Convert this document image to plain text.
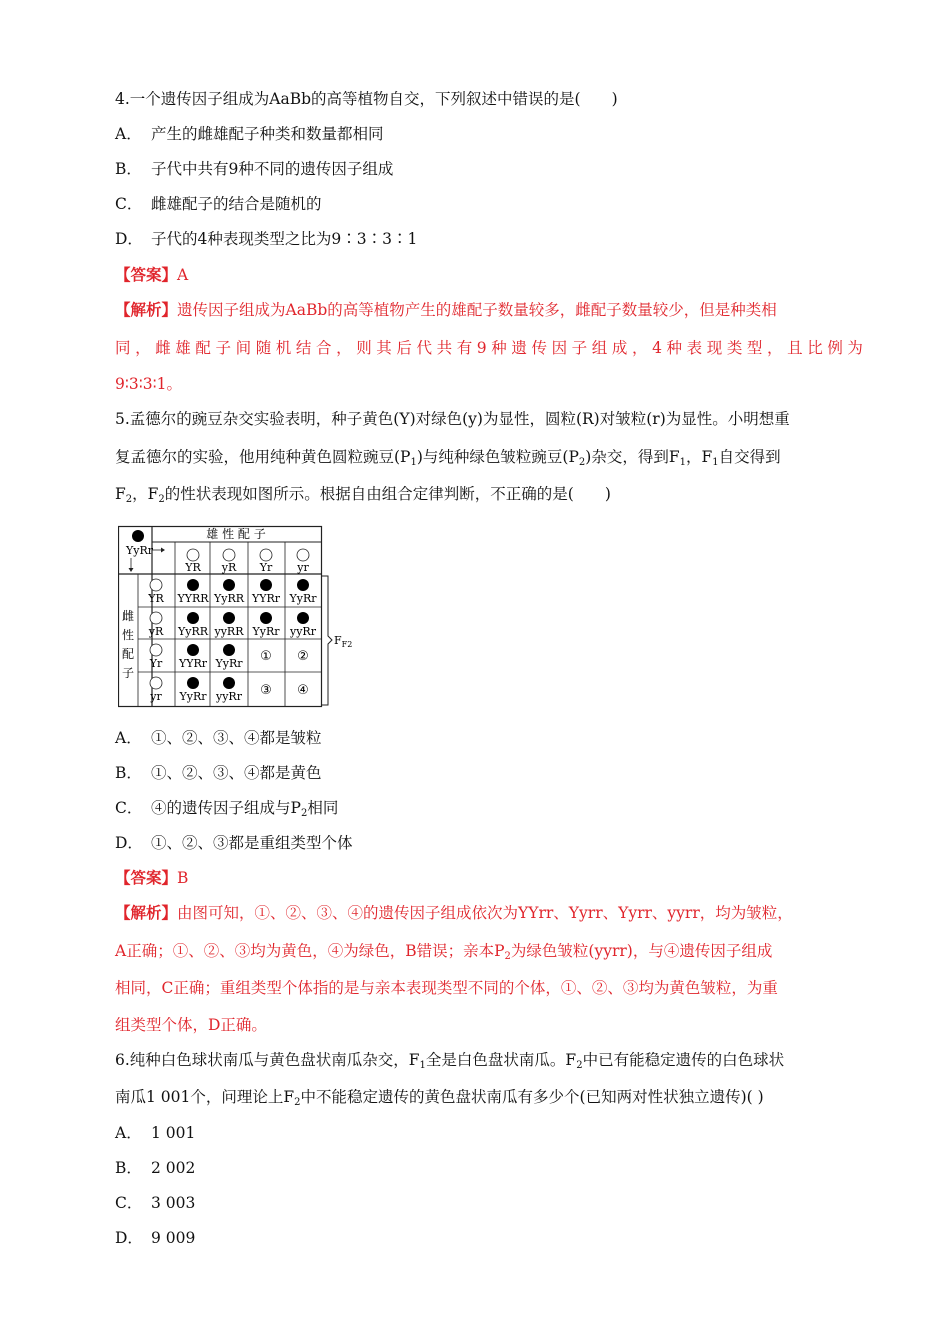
4.一个遗传因子组成为AaBb的高等植物自交，下列叙述中错误的是(　　)
A． 产生的雌雄配子种类和数量都相同
B． 子代中共有9种不同的遗传因子组成
C． 雌雄配子的结合是随机的
D． 子代的4种表现类型之比为9∶3∶3∶1
【答案】A
【解析】遗传因子组成为AaBb的高等植物产生的雄配子数量较多，雌配子数量较少，但是种类相
同，雌雄配子间随机结合，则其后代共有9种遗传因子组成，4种表现类型，且比例为
9∶3∶3∶1。
5.孟德尔的豌豆杂交实验表明，种子黄色(Y)对绿色(y)为显性，圆粒(R)对皱粒(r)为显性。小明想重
复孟德尔的实验，他用纯种黄色圆粒豌豆$(P_1)$与纯种绿色皱粒豌豆$(P_2)$杂交，得到$F_1$，$F_1$自交得到
$F_2$，$F_2$的性状表现如图所示。根据自由组合定律判断，不正确的是(　　)
YyRr
雄 性 配 子
YR yR Yr yr
雌
性
配
子
YR
yR
Yr
yr
YYRR YyRR YYRr YyRr
YyRR yyRR YyRr yyRr
YYRr YyRr ① ②
YyRr yyRr ③ ④
$F_{F2}$
A． ①、②、③、④都是皱粒
B． ①、②、③、④都是黄色
C． ④的遗传因子组成与$P_2$相同
D． ①、②、③都是重组类型个体
【答案】B
【解析】由图可知，①、②、③、④的遗传因子组成依次为YYrr、Yyrr、Yyrr、yyrr，均为皱粒，
A正确；①、②、③均为黄色，④为绿色，B错误；亲本$P_2$为绿色皱粒(yyrr)，与④遗传因子组成
相同，C正确；重组类型个体指的是与亲本表现类型不同的个体，①、②、③均为黄色皱粒，为重
组类型个体，D正确。
6.纯种白色球状南瓜与黄色盘状南瓜杂交，$F_1$全是白色盘状南瓜。$F_2$中已有能稳定遗传的白色球状
南瓜1 001个，问理论上$F_2$中不能稳定遗传的黄色盘状南瓜有多少个(已知两对性状独立遗传)( )
A． 1 001
B． 2 002
C． 3 003
D． 9 009
